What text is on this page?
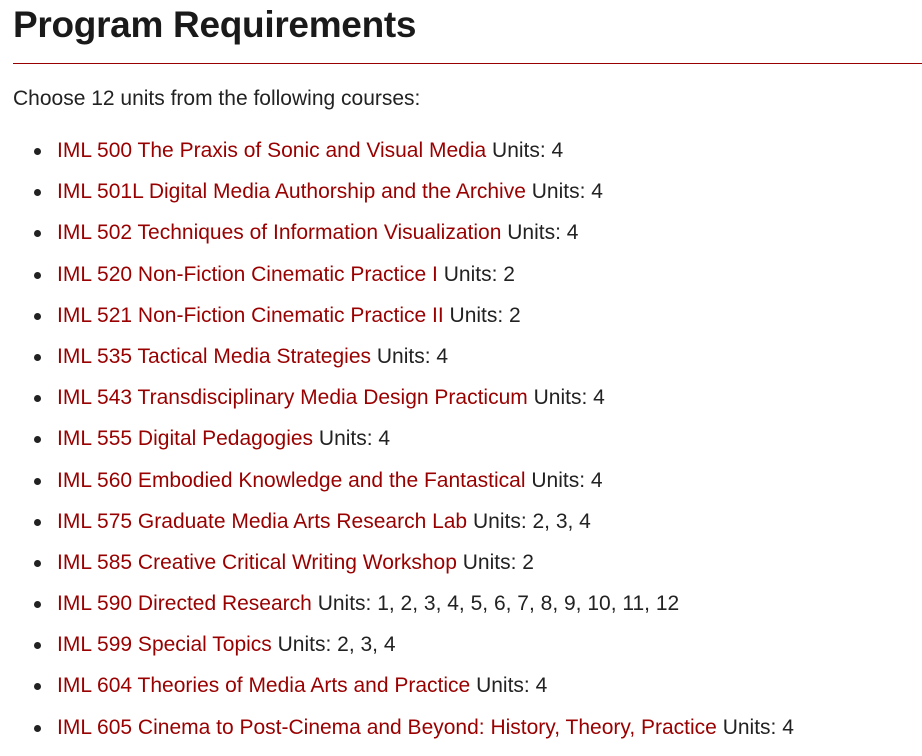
Program Requirements

Choose 12 units from the following courses:

IML 500 The Praxis of Sonic and Visual Media Units: 4
IML 501L Digital Media Authorship and the Archive Units: 4
IML 502 Techniques of Information Visualization Units: 4
IML 520 Non-Fiction Cinematic Practice I Units: 2
IML 521 Non-Fiction Cinematic Practice II Units: 2
IML 535 Tactical Media Strategies Units: 4
IML 543 Transdisciplinary Media Design Practicum Units: 4
IML 555 Digital Pedagogies Units: 4
IML 560 Embodied Knowledge and the Fantastical Units: 4
IML 575 Graduate Media Arts Research Lab Units: 2, 3, 4
IML 585 Creative Critical Writing Workshop Units: 2
IML 590 Directed Research Units: 1, 2, 3, 4, 5, 6, 7, 8, 9, 10, 11, 12
IML 599 Special Topics Units: 2, 3, 4
IML 604 Theories of Media Arts and Practice Units: 4
IML 605 Cinema to Post-Cinema and Beyond: History, Theory, Practice Units: 4
